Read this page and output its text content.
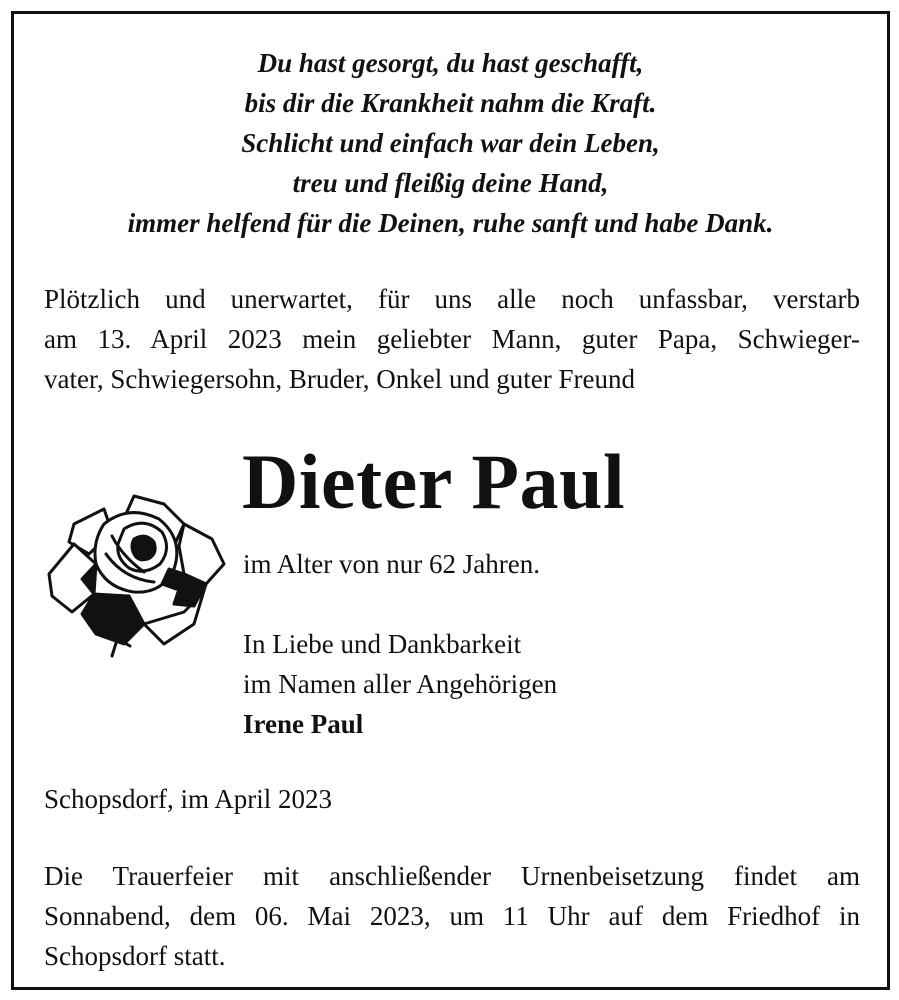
Du hast gesorgt, du hast geschafft,
bis dir die Krankheit nahm die Kraft.
Schlicht und einfach war dein Leben,
treu und fleißig deine Hand,
immer helfend für die Deinen, ruhe sanft und habe Dank.
Plötzlich und unerwartet, für uns alle noch unfassbar, verstarb
am 13. April 2023 mein geliebter Mann, guter Papa, Schwieger-
vater, Schwiegersohn, Bruder, Onkel und guter Freund
Dieter Paul
im Alter von nur 62 Jahren.
In Liebe und Dankbarkeit
im Namen aller Angehörigen
Irene Paul
Schopsdorf, im April 2023
Die Trauerfeier mit anschließender Urnenbeisetzung findet am
Sonnabend, dem 06. Mai 2023, um 11 Uhr auf dem Friedhof in
Schopsdorf statt.
